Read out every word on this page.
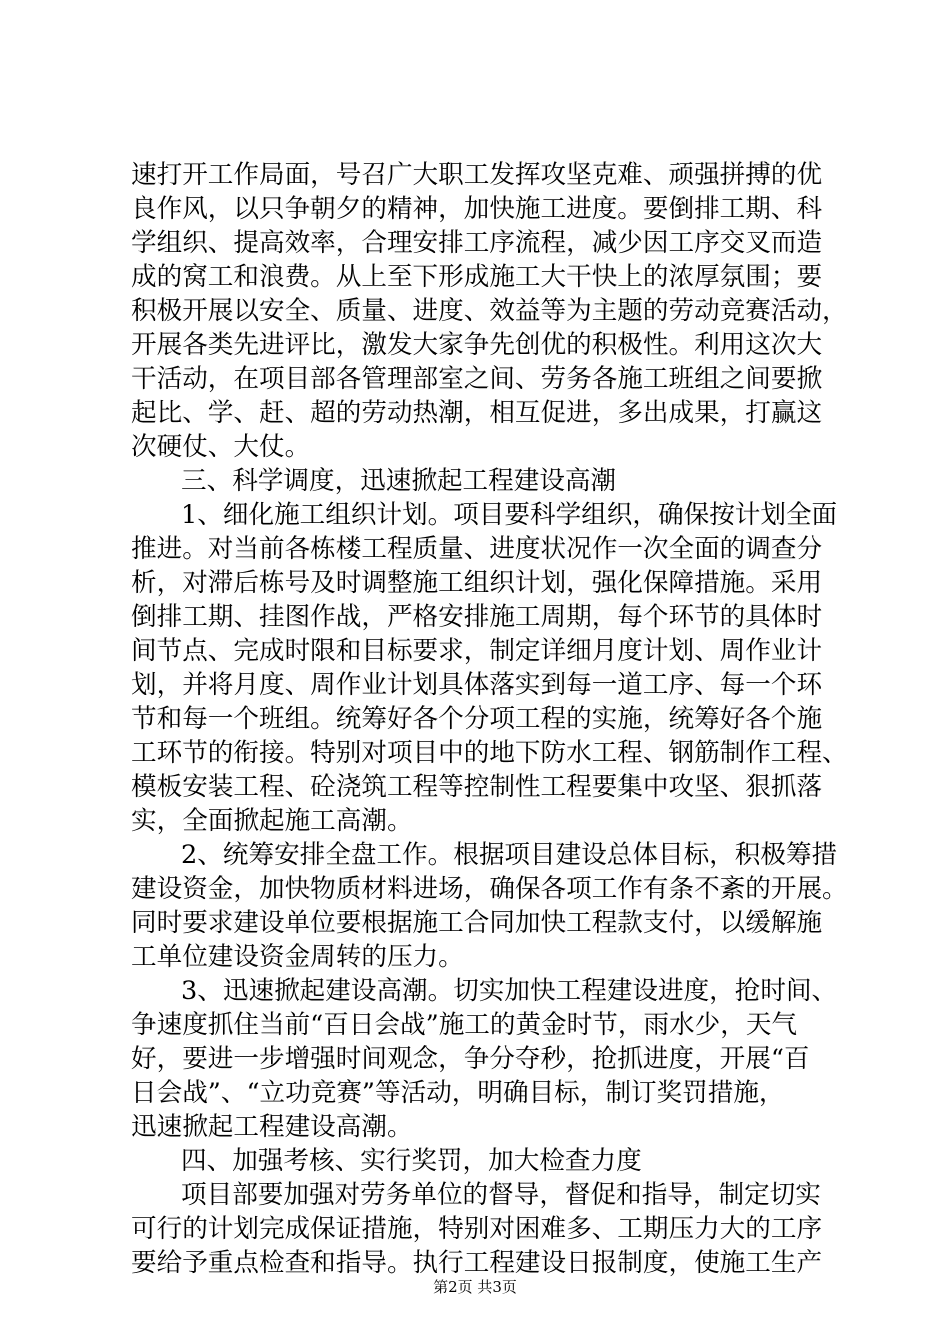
速打开工作局面，号召广大职工发挥攻坚克难、顽强拼搏的优
良作风，以只争朝夕的精神，加快施工进度。要倒排工期、科
学组织、提高效率，合理安排工序流程，减少因工序交叉而造
成的窝工和浪费。从上至下形成施工大干快上的浓厚氛围；要
积极开展以安全、质量、进度、效益等为主题的劳动竞赛活动，
开展各类先进评比，激发大家争先创优的积极性。利用这次大
干活动，在项目部各管理部室之间、劳务各施工班组之间要掀
起比、学、赶、超的劳动热潮，相互促进，多出成果，打赢这
次硬仗、大仗。
三、科学调度，迅速掀起工程建设高潮
1、细化施工组织计划。项目要科学组织，确保按计划全面
推进。对当前各栋楼工程质量、进度状况作一次全面的调查分
析，对滞后栋号及时调整施工组织计划，强化保障措施。采用
倒排工期、挂图作战，严格安排施工周期，每个环节的具体时
间节点、完成时限和目标要求，制定详细月度计划、周作业计
划，并将月度、周作业计划具体落实到每一道工序、每一个环
节和每一个班组。统筹好各个分项工程的实施，统筹好各个施
工环节的衔接。特别对项目中的地下防水工程、钢筋制作工程、
模板安装工程、砼浇筑工程等控制性工程要集中攻坚、狠抓落
实，全面掀起施工高潮。
2、统筹安排全盘工作。根据项目建设总体目标，积极筹措
建设资金，加快物质材料进场，确保各项工作有条不紊的开展。
同时要求建设单位要根据施工合同加快工程款支付，以缓解施
工单位建设资金周转的压力。
3、迅速掀起建设高潮。切实加快工程建设进度，抢时间、
争速度抓住当前“百日会战”施工的黄金时节，雨水少，天气
好，要进一步增强时间观念，争分夺秒，抢抓进度，开展“百
日会战”、“立功竞赛”等活动，明确目标，制订奖罚措施，
迅速掀起工程建设高潮。
四、加强考核、实行奖罚，加大检查力度
项目部要加强对劳务单位的督导，督促和指导，制定切实
可行的计划完成保证措施，特别对困难多、工期压力大的工序
要给予重点检查和指导。执行工程建设日报制度，使施工生产
第2页 共3页
